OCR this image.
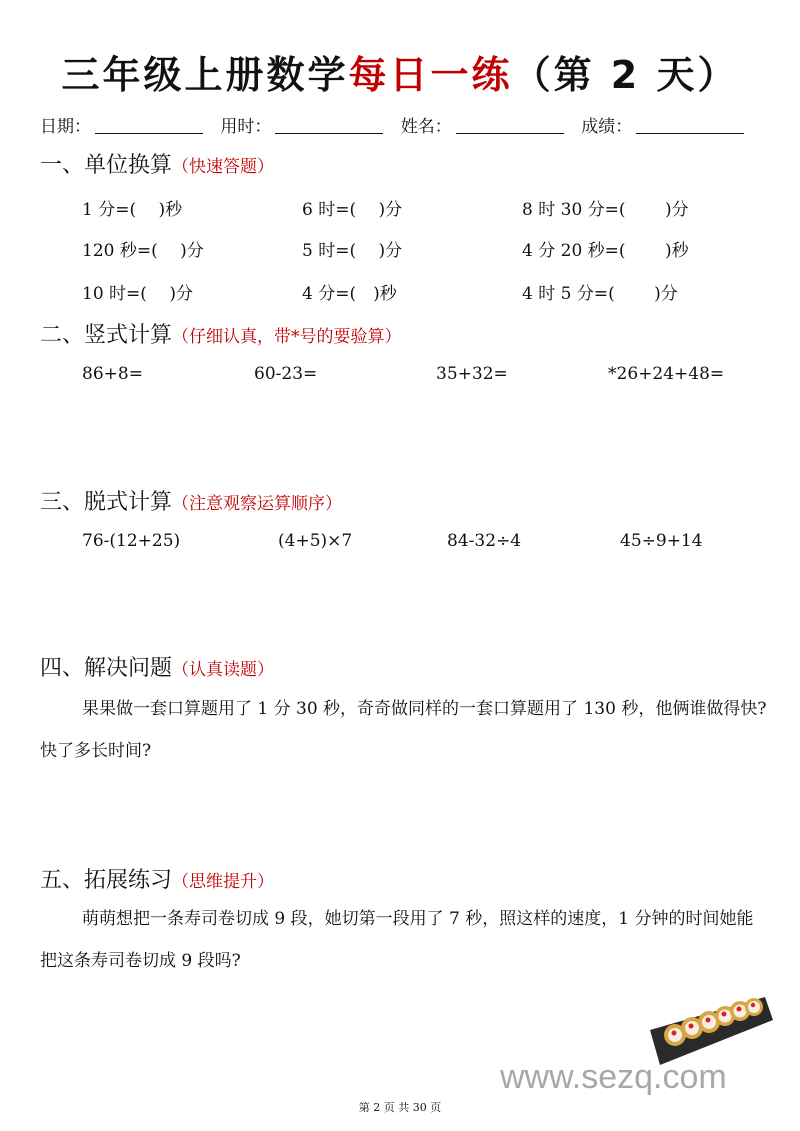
三年级上册数学每日一练（第 2 天）
日期：	用时：	姓名：	成绩：
一、单位换算（快速答题）
1 分=(　 )秒	6 时=(　 )分	8 时 30 分=(　　 )分
120 秒=(　 )分	5 时=(　 )分	4 分 20 秒=(　　 )秒
10 时=(　 )分	4 分=(　)秒	4 时 5 分=(　　 )分
二、竖式计算（仔细认真，带*号的要验算）
86+8=	60-23=	35+32=	*26+24+48=
三、脱式计算（注意观察运算顺序）
76-(12+25)	(4+5)×7	84-32÷4	45÷9+14
四、解决问题（认真读题）
果果做一套口算题用了 1 分 30 秒，奇奇做同样的一套口算题用了 130 秒，他俩谁做得快?快了多长时间?
五、拓展练习（思维提升）
萌萌想把一条寿司卷切成 9 段，她切第一段用了 7 秒，照这样的速度，1 分钟的时间她能把这条寿司卷切成 9 段吗?
www.sezq.com
第 2 页 共 30 页
